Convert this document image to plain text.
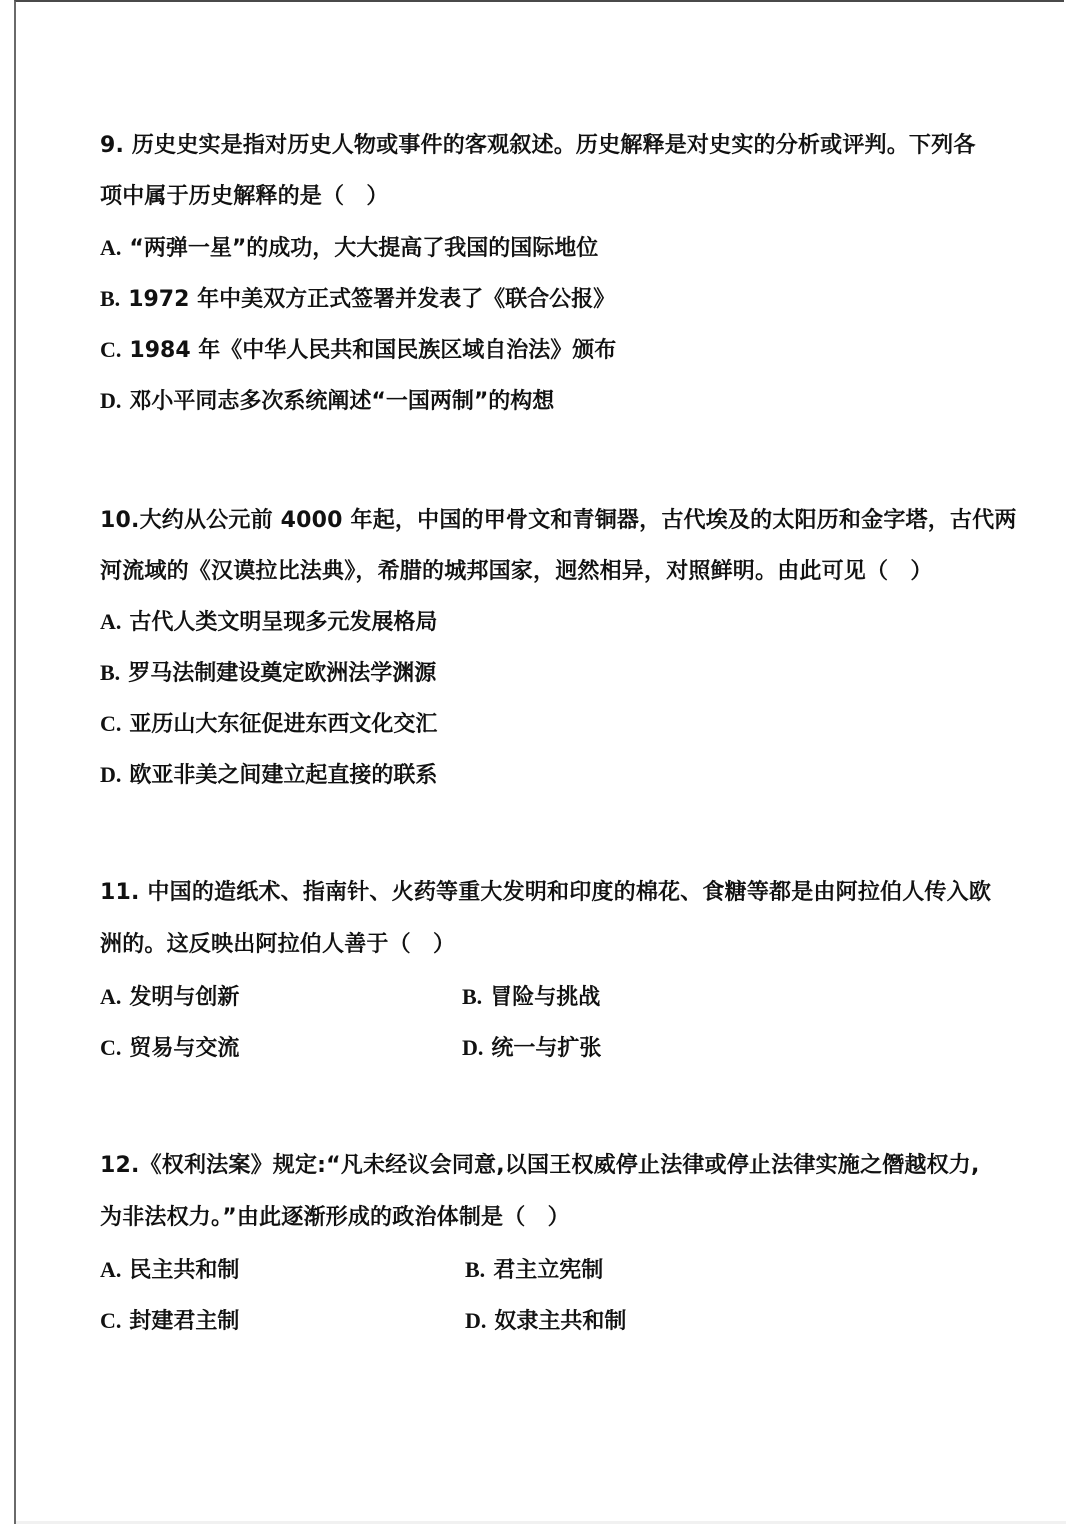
9. 历史史实是指对历史人物或事件的客观叙述。历史解释是对史实的分析或评判。下列各
项中属于历史解释的是（　）
A. “两弹一星”的成功，大大提高了我国的国际地位
B. 1972 年中美双方正式签署并发表了《联合公报》
C. 1984 年《中华人民共和国民族区域自治法》颁布
D. 邓小平同志多次系统阐述“一国两制”的构想
10.大约从公元前 4000 年起，中国的甲骨文和青铜器，古代埃及的太阳历和金字塔，古代两
河流域的《汉谟拉比法典》，希腊的城邦国家，迥然相异，对照鲜明。由此可见（　）
A. 古代人类文明呈现多元发展格局
B. 罗马法制建设奠定欧洲法学渊源
C. 亚历山大东征促进东西文化交汇
D. 欧亚非美之间建立起直接的联系
11. 中国的造纸术、指南针、火药等重大发明和印度的棉花、食糖等都是由阿拉伯人传入欧
洲的。这反映出阿拉伯人善于（　）
A. 发明与创新	B. 冒险与挑战
C. 贸易与交流	D. 统一与扩张
12.《权利法案》规定:“凡未经议会同意,以国王权威停止法律或停止法律实施之僭越权力,
为非法权力。”由此逐渐形成的政治体制是（　）
A. 民主共和制	B. 君主立宪制
C. 封建君主制	D. 奴隶主共和制
